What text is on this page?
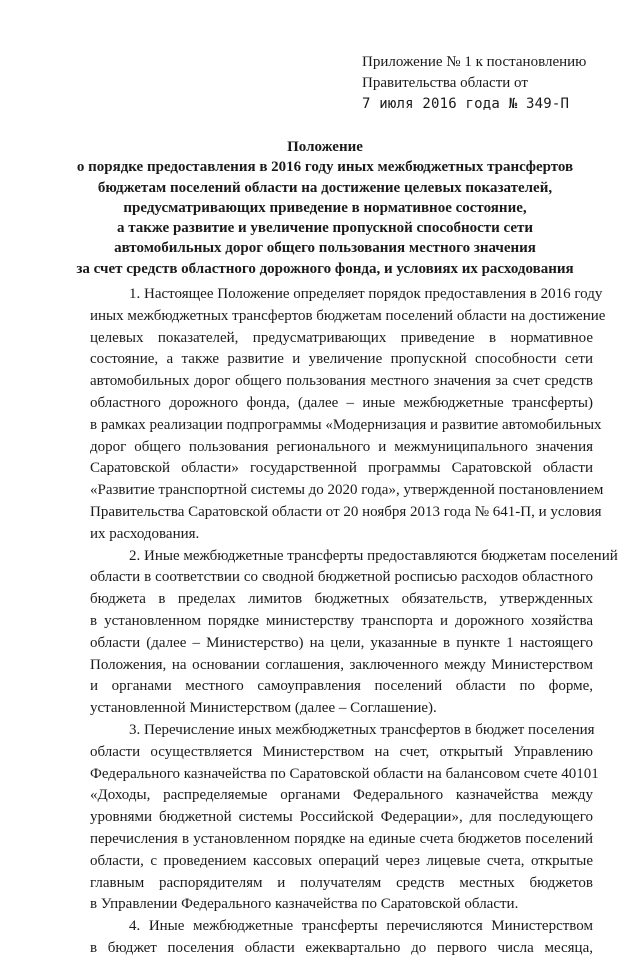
Приложение № 1 к постановлению
Правительства области от
7 июля 2016 года № 349-П
Положение
о порядке предоставления в 2016 году иных межбюджетных трансфертов
бюджетам поселений области на достижение целевых показателей,
предусматривающих приведение в нормативное состояние,
а также развитие и увеличение пропускной способности сети
автомобильных дорог общего пользования местного значения
за счет средств областного дорожного фонда, и условиях их расходования
1. Настоящее Положение определяет порядок предоставления в 2016 году
иных межбюджетных трансфертов бюджетам поселений области на достижение
целевых показателей, предусматривающих приведение в нормативное
состояние, а также развитие и увеличение пропускной способности сети
автомобильных дорог общего пользования местного значения за счет средств
областного дорожного фонда, (далее – иные межбюджетные трансферты)
в рамках реализации подпрограммы «Модернизация и развитие автомобильных
дорог общего пользования регионального и межмуниципального значения
Саратовской области» государственной программы Саратовской области
«Развитие транспортной системы до 2020 года», утвержденной постановлением
Правительства Саратовской области от 20 ноября 2013 года № 641-П, и условия
их расходования.
2. Иные межбюджетные трансферты предоставляются бюджетам поселений
области в соответствии со сводной бюджетной росписью расходов областного
бюджета в пределах лимитов бюджетных обязательств, утвержденных
в установленном порядке министерству транспорта и дорожного хозяйства
области (далее – Министерство) на цели, указанные в пункте 1 настоящего
Положения, на основании соглашения, заключенного между Министерством
и органами местного самоуправления поселений области по форме,
установленной Министерством (далее – Соглашение).
3. Перечисление иных межбюджетных трансфертов в бюджет поселения
области осуществляется Министерством на счет, открытый Управлению
Федерального казначейства по Саратовской области на балансовом счете 40101
«Доходы, распределяемые органами Федерального казначейства между
уровнями бюджетной системы Российской Федерации», для последующего
перечисления в установленном порядке на единые счета бюджетов поселений
области, с проведением кассовых операций через лицевые счета, открытые
главным распорядителям и получателям средств местных бюджетов
в Управлении Федерального казначейства по Саратовской области.
4. Иные межбюджетные трансферты перечисляются Министерством
в бюджет поселения области ежеквартально до первого числа месяца,
